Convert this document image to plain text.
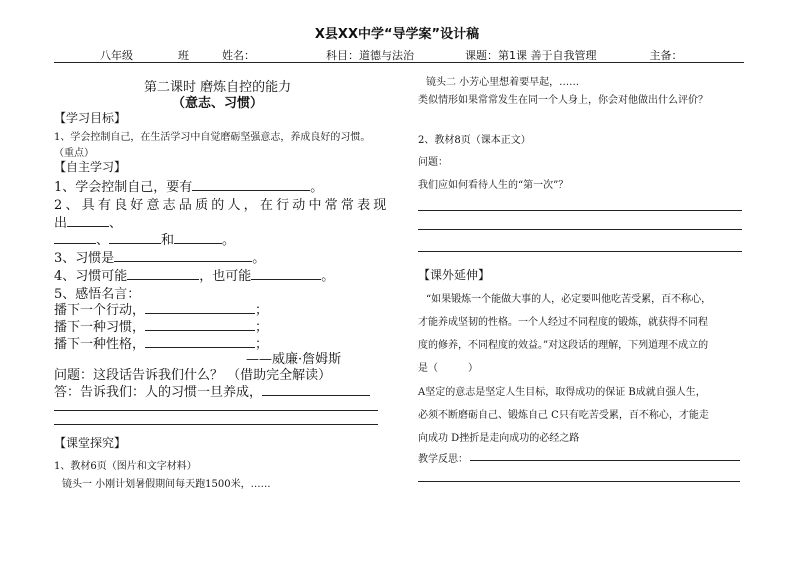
X县XX中学“导学案”设计稿
八年级	班	姓名：	科目：道德与法治	课题：第1课 善于自我管理	主备：
第二课时 磨炼自控的能力
（意志、习惯）
【学习目标】
1、学会控制自己，在生活学习中自觉磨砺坚强意志，养成良好的习惯。
（重点）
【自主学习】
1、学会控制自己，要有	。
2、具有良好意志品质的人，在行动中常常表现
出	、
、	和	。
3、习惯是	。
4、习惯可能	，也可能	。
5、感悟名言：
播下一个行动，	；
播下一种习惯，	；
播下一种性格，	；
——威廉·詹姆斯
问题：这段话告诉我们什么？ （借助完全解读）
答：告诉我们：人的习惯一旦养成，
【课堂探究】
1、教材6页（图片和文字材料）
镜头一 小刚计划暑假期间每天跑1500米，……
镜头二 小芳心里想着要早起，……
类似情形如果常常发生在同一个人身上，你会对他做出什么评价？
2、教材8页（课本正文）
问题：
我们应如何看待人生的“第一次”？
【课外延伸】
“如果锻炼一个能做大事的人，必定要叫他吃苦受累，百不称心，
才能养成坚韧的性格。一个人经过不同程度的锻炼，就获得不同程
度的修养，不同程度的效益。”对这段话的理解，下列道理不成立的
是（	）
A坚定的意志是坚定人生目标，取得成功的保证 B成就自强人生，
必须不断磨砺自己、锻炼自己 C只有吃苦受累，百不称心，才能走
向成功 D挫折是走向成功的必经之路
教学反思：
